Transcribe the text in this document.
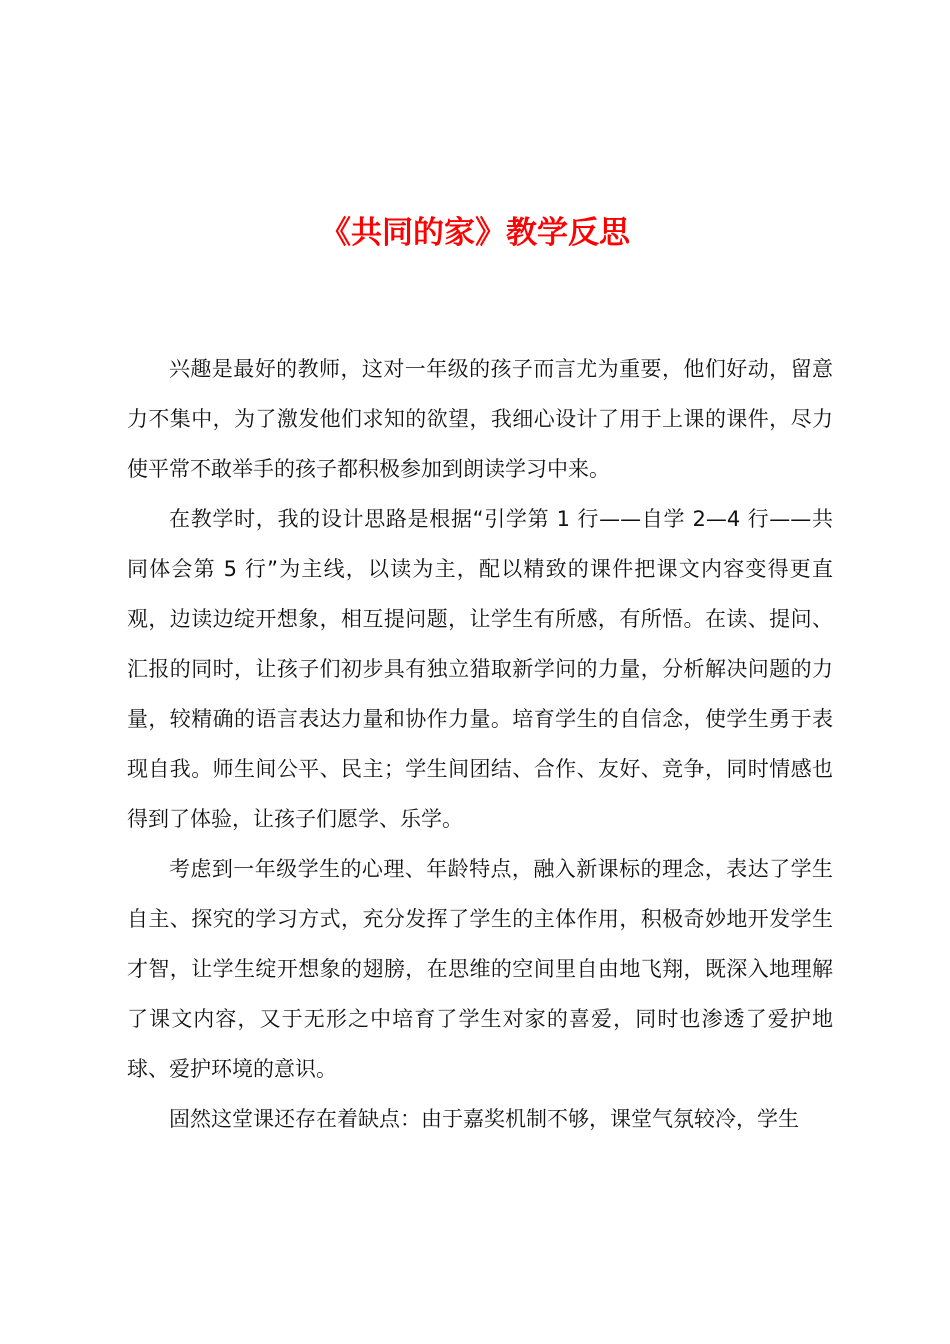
《共同的家》教学反思

兴趣是最好的教师，这对一年级的孩子而言尤为重要，他们好动，留意力不集中，为了激发他们求知的欲望，我细心设计了用于上课的课件，尽力使平常不敢举手的孩子都积极参加到朗读学习中来。

在教学时，我的设计思路是根据“引学第 1 行——自学 2—4 行——共同体会第 5 行”为主线，以读为主，配以精致的课件把课文内容变得更直观，边读边绽开想象，相互提问题，让学生有所感，有所悟。在读、提问、汇报的同时，让孩子们初步具有独立猎取新学问的力量，分析解决问题的力量，较精确的语言表达力量和协作力量。培育学生的自信念，使学生勇于表现自我。师生间公平、民主；学生间团结、合作、友好、竞争，同时情感也得到了体验，让孩子们愿学、乐学。

考虑到一年级学生的心理、年龄特点，融入新课标的理念，表达了学生自主、探究的学习方式，充分发挥了学生的主体作用，积极奇妙地开发学生才智，让学生绽开想象的翅膀，在思维的空间里自由地飞翔，既深入地理解了课文内容，又于无形之中培育了学生对家的喜爱，同时也渗透了爱护地球、爱护环境的意识。

固然这堂课还存在着缺点：由于嘉奖机制不够，课堂气氛较冷，学生
